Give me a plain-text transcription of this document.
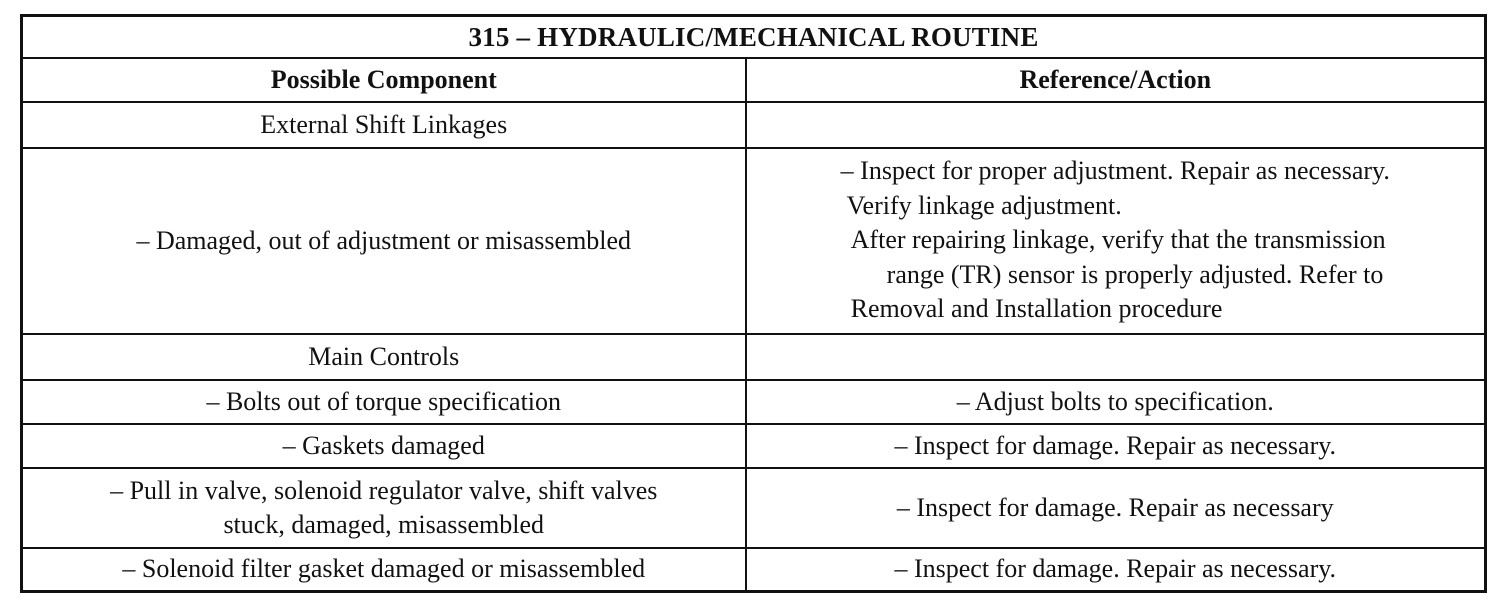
315 – HYDRAULIC/MECHANICAL ROUTINE	
Possible Component	Reference/Action
External Shift Linkages	
– Damaged, out of adjustment or misassembled	– Inspect for proper adjustment. Repair as necessary.
Verify linkage adjustment.
After repairing linkage, verify that the transmission
range (TR) sensor is properly adjusted. Refer to
Removal and Installation procedure

Main Controls	
– Bolts out of torque specification	– Adjust bolts to specification.
– Gaskets damaged	– Inspect for damage. Repair as necessary.
– Pull in valve, solenoid regulator valve, shift valves
stuck, damaged, misassembled	– Inspect for damage. Repair as necessary
– Solenoid filter gasket damaged or misassembled	– Inspect for damage. Repair as necessary.
